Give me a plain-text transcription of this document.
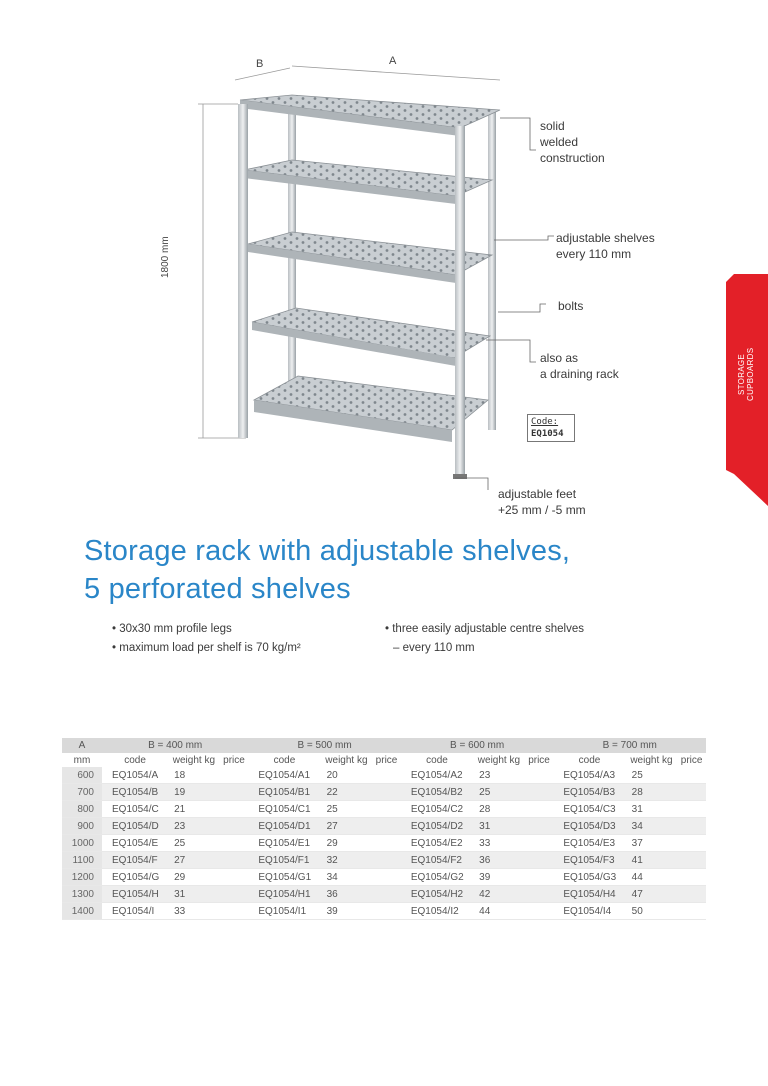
B	A
1800 mm
solid
welded
construction
adjustable shelves
every 110 mm
bolts
also as
a draining rack
adjustable feet
+25 mm / -5 mm
Code:
EQ1054
STORAGE CUPBOARDS
Storage rack with adjustable shelves,
5 perforated shelves
• 30x30 mm profile legs
• maximum load per shelf is 70 kg/m²
• three easily adjustable centre shelves
– every 110 mm
A	B = 400 mm			B = 500 mm			B = 600 mm			B = 700 mm		
mm	code	weight kg	price	code	weight kg	price	code	weight kg	price	code	weight kg	price
600	EQ1054/A	18		EQ1054/A1	20		EQ1054/A2	23		EQ1054/A3	25	
700	EQ1054/B	19		EQ1054/B1	22		EQ1054/B2	25		EQ1054/B3	28	
800	EQ1054/C	21		EQ1054/C1	25		EQ1054/C2	28		EQ1054/C3	31	
900	EQ1054/D	23		EQ1054/D1	27		EQ1054/D2	31		EQ1054/D3	34	
1000	EQ1054/E	25		EQ1054/E1	29		EQ1054/E2	33		EQ1054/E3	37	
1100	EQ1054/F	27		EQ1054/F1	32		EQ1054/F2	36		EQ1054/F3	41	
1200	EQ1054/G	29		EQ1054/G1	34		EQ1054/G2	39		EQ1054/G3	44	
1300	EQ1054/H	31		EQ1054/H1	36		EQ1054/H2	42		EQ1054/H4	47	
1400	EQ1054/I	33		EQ1054/I1	39		EQ1054/I2	44		EQ1054/I4	50	
